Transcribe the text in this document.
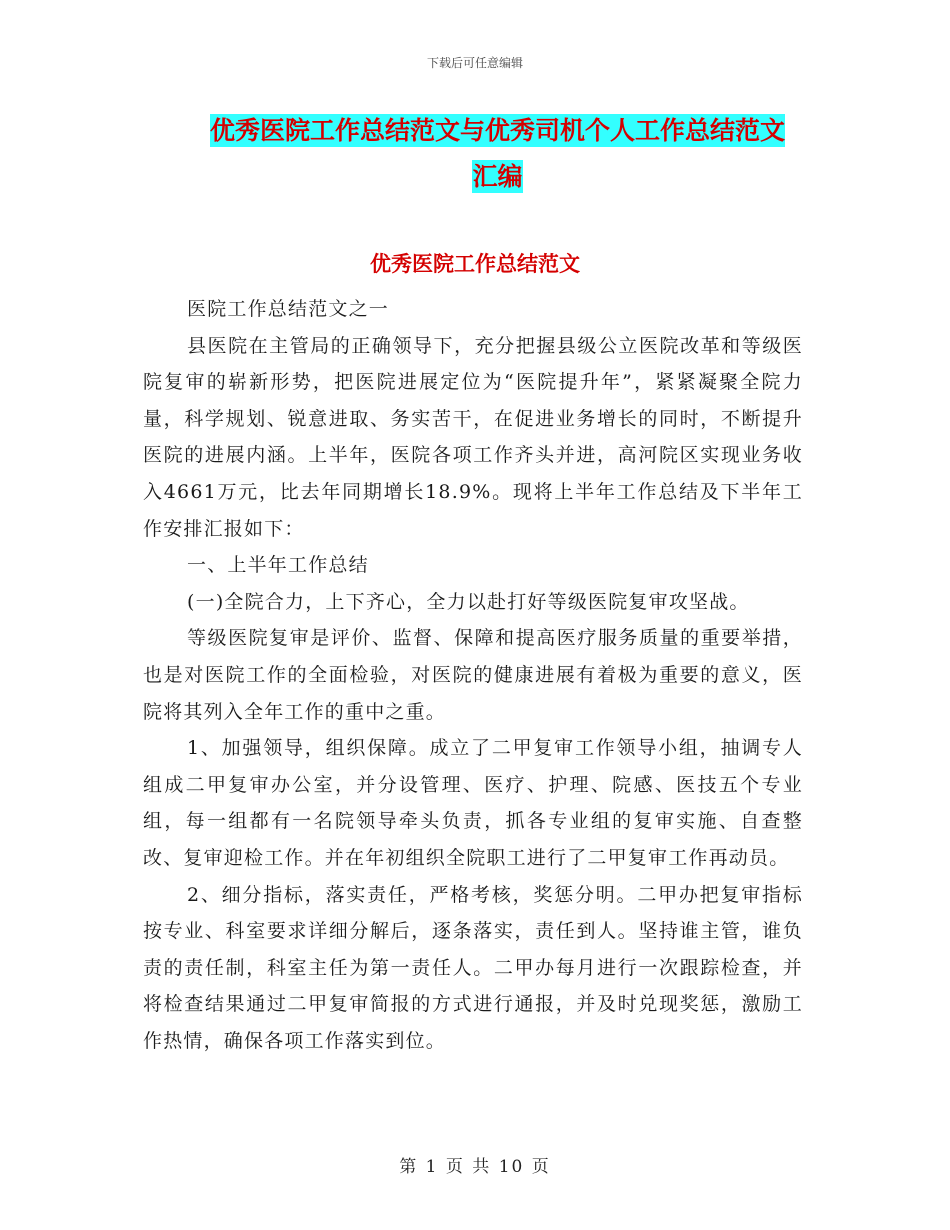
下载后可任意编辑
优秀医院工作总结范文与优秀司机个人工作总结范文
汇编
优秀医院工作总结范文

医院工作总结范文之一

县医院在主管局的正确领导下，充分把握县级公立医院改革和等级医院复审的崭新形势，把医院进展定位为“医院提升年”，紧紧凝聚全院力量，科学规划、锐意进取、务实苦干，在促进业务增长的同时，不断提升医院的进展内涵。上半年，医院各项工作齐头并进，高河院区实现业务收入4661万元，比去年同期增长18.9%。现将上半年工作总结及下半年工作安排汇报如下：

一、上半年工作总结

(一)全院合力，上下齐心，全力以赴打好等级医院复审攻坚战。

等级医院复审是评价、监督、保障和提高医疗服务质量的重要举措，也是对医院工作的全面检验，对医院的健康进展有着极为重要的意义，医院将其列入全年工作的重中之重。

1、加强领导，组织保障。成立了二甲复审工作领导小组，抽调专人组成二甲复审办公室，并分设管理、医疗、护理、院感、医技五个专业组，每一组都有一名院领导牵头负责，抓各专业组的复审实施、自查整改、复审迎检工作。并在年初组织全院职工进行了二甲复审工作再动员。

2、细分指标，落实责任，严格考核，奖惩分明。二甲办把复审指标按专业、科室要求详细分解后，逐条落实，责任到人。坚持谁主管，谁负责的责任制，科室主任为第一责任人。二甲办每月进行一次跟踪检查，并将检查结果通过二甲复审简报的方式进行通报，并及时兑现奖惩，激励工作热情，确保各项工作落实到位。

第 1 页 共 10 页
